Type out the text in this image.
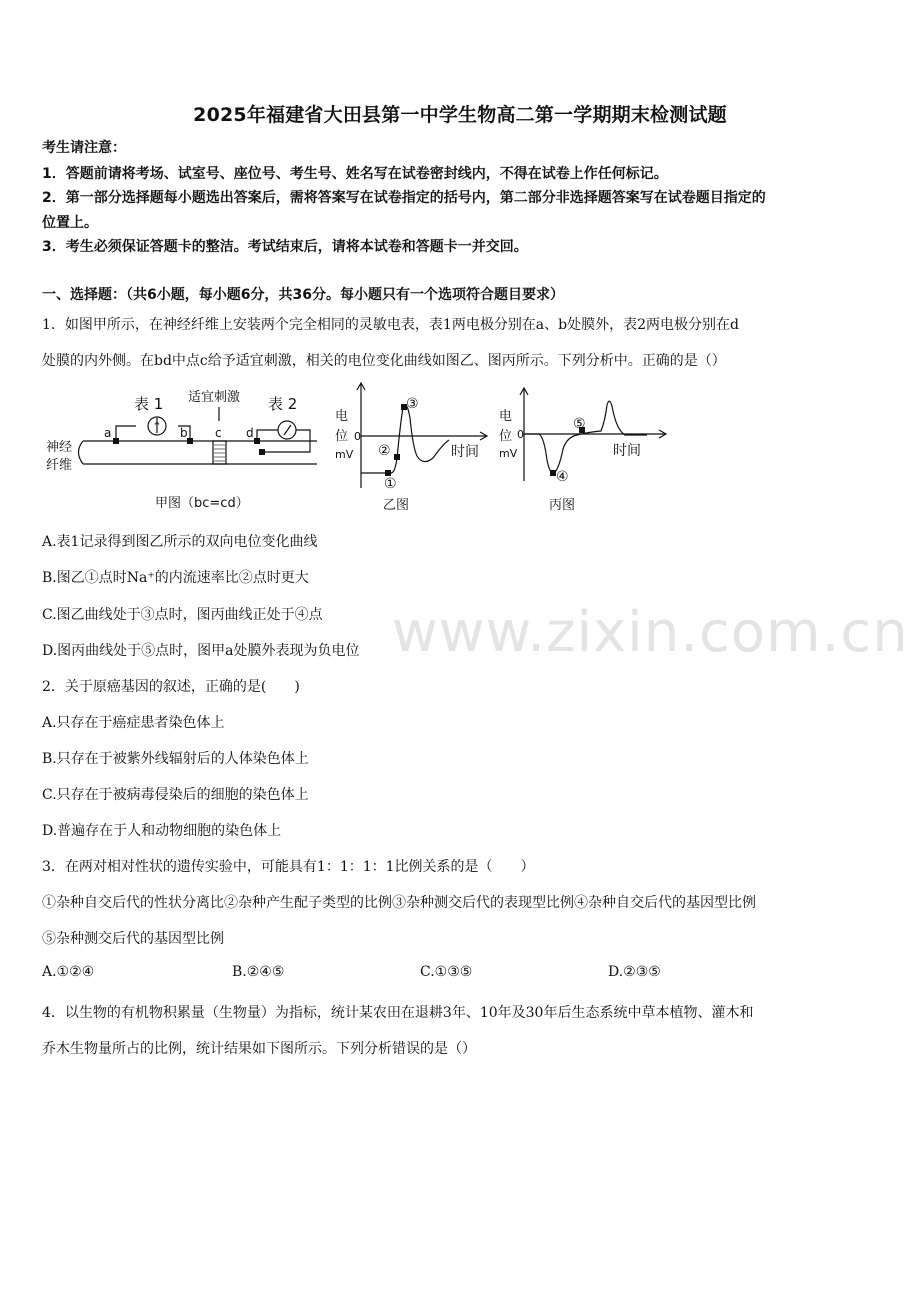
2025年福建省大田县第一中学生物高二第一学期期末检测试题
考生请注意：
1．答题前请将考场、试室号、座位号、考生号、姓名写在试卷密封线内，不得在试卷上作任何标记。
2．第一部分选择题每小题选出答案后，需将答案写在试卷指定的括号内，第二部分非选择题答案写在试卷题目指定的
位置上。
3．考生必须保证答题卡的整洁。考试结束后，请将本试卷和答题卡一并交回。
一、选择题：（共6小题，每小题6分，共36分。每小题只有一个选项符合题目要求）
1．如图甲所示，在神经纤维上安装两个完全相同的灵敏电表，表1两电极分别在a、b处膜外，表2两电极分别在d
处膜的内外侧。在bd中点c给予适宜刺激，相关的电位变化曲线如图乙、图丙所示。下列分析中。正确的是（）
↑
表 1	表 2
适宜刺激
a	b c d
神经
纤维
甲图（bc=cd）
电
位
mV
0
时间
①
②
③
乙图
电
位
mV
0
时间
④
⑤
丙图
A.表1记录得到图乙所示的双向电位变化曲线
B.图乙①点时Na⁺的内流速率比②点时更大
C.图乙曲线处于③点时，图丙曲线正处于④点
D.图丙曲线处于⑤点时，图甲a处膜外表现为负电位 www.zixin.com.cn
2．关于原癌基因的叙述，正确的是(　　)
A.只存在于癌症患者染色体上
B.只存在于被紫外线辐射后的人体染色体上
C.只存在于被病毒侵染后的细胞的染色体上
D.普遍存在于人和动物细胞的染色体上
3．在两对相对性状的遗传实验中，可能具有1：1：1：1比例关系的是（　　）
①杂种自交后代的性状分离比②杂种产生配子类型的比例③杂种测交后代的表现型比例④杂种自交后代的基因型比例
⑤杂种测交后代的基因型比例
A.①②④	B.②④⑤	C.①③⑤	D.②③⑤
4．以生物的有机物积累量（生物量）为指标，统计某农田在退耕3年、10年及30年后生态系统中草本植物、灌木和
乔木生物量所占的比例，统计结果如下图所示。下列分析错误的是（）
